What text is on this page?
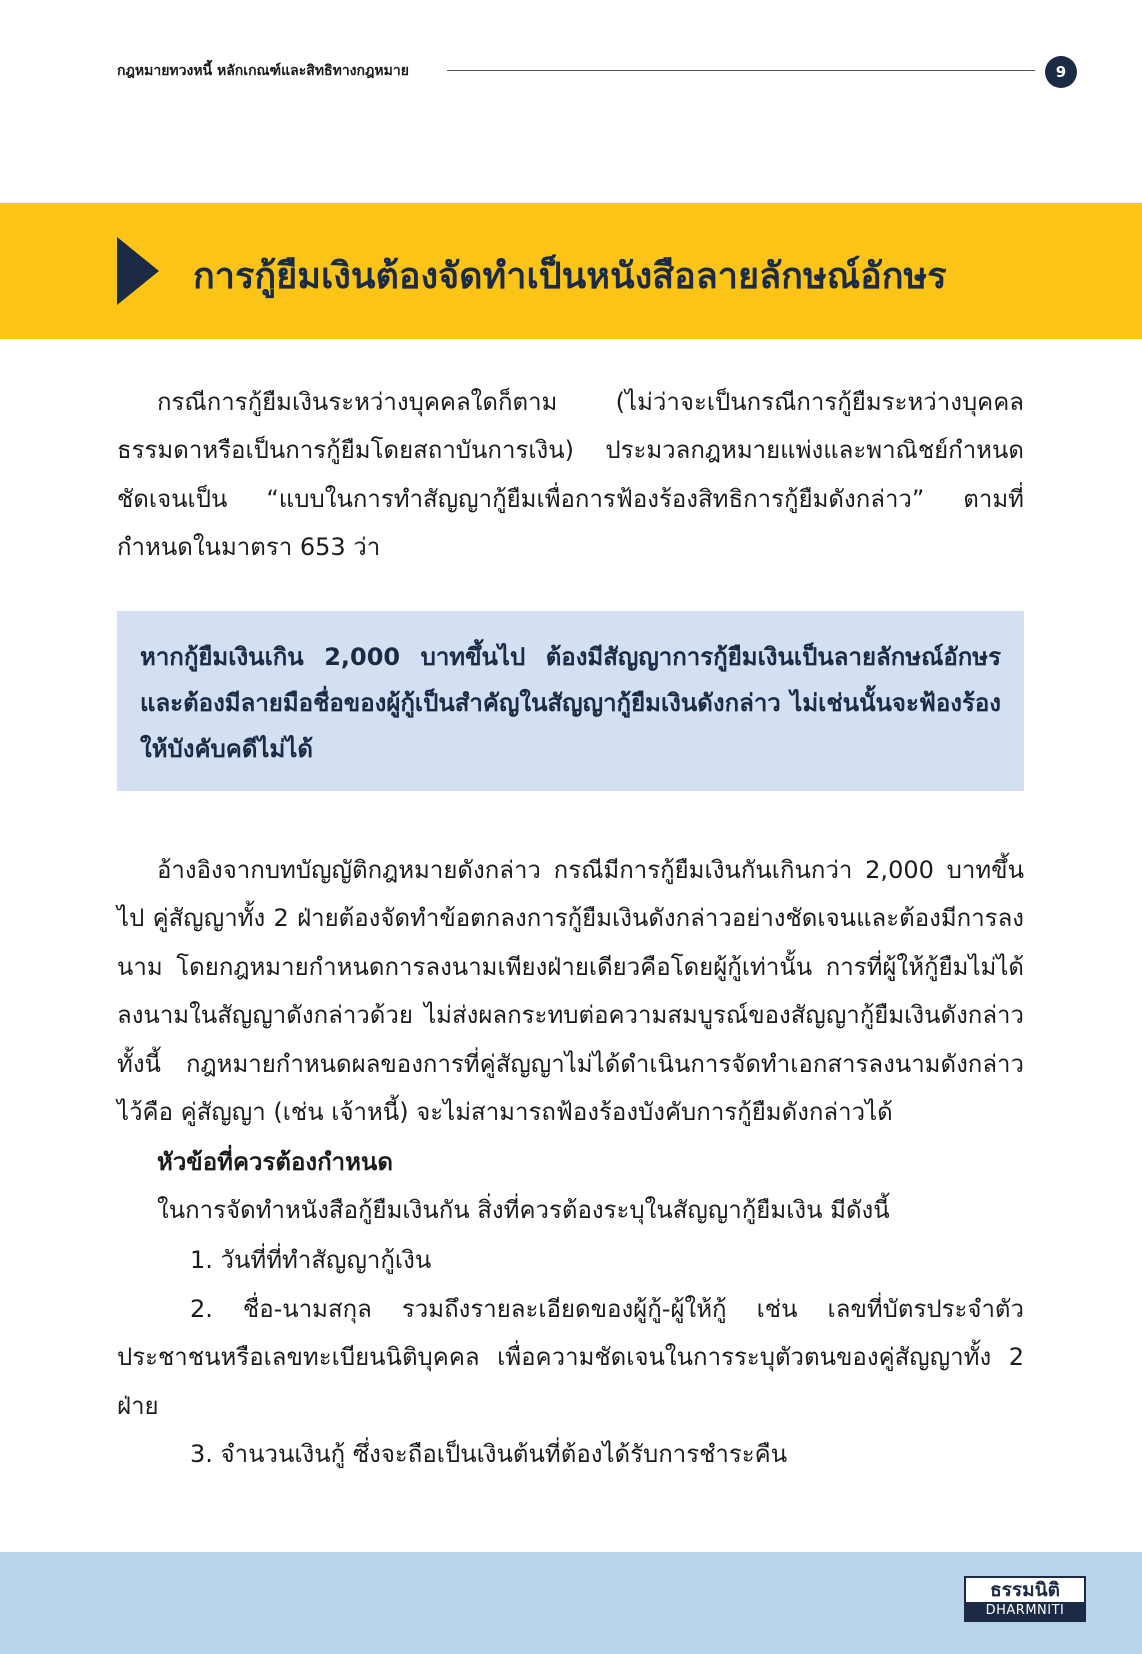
กฎหมายทวงหนี้ หลักเกณฑ์และสิทธิทางกฎหมาย	9
การกู้ยืมเงินต้องจัดทำเป็นหนังสือลายลักษณ์อักษร

กรณีการกู้ยืมเงินระหว่างบุคคลใดก็ตาม (ไม่ว่าจะเป็นกรณีการกู้ยืมระหว่างบุคคลธรรมดาหรือเป็นการกู้ยืมโดยสถาบันการเงิน) ประมวลกฎหมายแพ่งและพาณิชย์กำหนดชัดเจนเป็น “แบบในการทำสัญญากู้ยืมเพื่อการฟ้องร้องสิทธิการกู้ยืมดังกล่าว” ตามที่กำหนดในมาตรา 653 ว่า

หากกู้ยืมเงินเกิน 2,000 บาทขึ้นไป ต้องมีสัญญาการกู้ยืมเงินเป็นลายลักษณ์อักษรและต้องมีลายมือชื่อของผู้กู้เป็นสำคัญในสัญญากู้ยืมเงินดังกล่าว ไม่เช่นนั้นจะฟ้องร้องให้บังคับคดีไม่ได้

อ้างอิงจากบทบัญญัติกฎหมายดังกล่าว กรณีมีการกู้ยืมเงินกันเกินกว่า 2,000 บาทขึ้นไป คู่สัญญาทั้ง 2 ฝ่ายต้องจัดทำข้อตกลงการกู้ยืมเงินดังกล่าวอย่างชัดเจนและต้องมีการลงนาม โดยกฎหมายกำหนดการลงนามเพียงฝ่ายเดียวคือโดยผู้กู้เท่านั้น การที่ผู้ให้กู้ยืมไม่ได้ลงนามในสัญญาดังกล่าวด้วย ไม่ส่งผลกระทบต่อความสมบูรณ์ของสัญญากู้ยืมเงินดังกล่าว ทั้งนี้ กฎหมายกำหนดผลของการที่คู่สัญญาไม่ได้ดำเนินการจัดทำเอกสารลงนามดังกล่าวไว้คือ คู่สัญญา (เช่น เจ้าหนี้) จะไม่สามารถฟ้องร้องบังคับการกู้ยืมดังกล่าวได้

หัวข้อที่ควรต้องกำหนด

ในการจัดทำหนังสือกู้ยืมเงินกัน สิ่งที่ควรต้องระบุในสัญญากู้ยืมเงิน มีดังนี้

1. วันที่ที่ทำสัญญากู้เงิน
2. ชื่อ-นามสกุล รวมถึงรายละเอียดของผู้กู้-ผู้ให้กู้ เช่น เลขที่บัตรประจำตัวประชาชนหรือเลขทะเบียนนิติบุคคล เพื่อความชัดเจนในการระบุตัวตนของคู่สัญญาทั้ง 2 ฝ่าย
3. จำนวนเงินกู้ ซึ่งจะถือเป็นเงินต้นที่ต้องได้รับการชำระคืน
ธรรมนิติ
DHARMNITI
